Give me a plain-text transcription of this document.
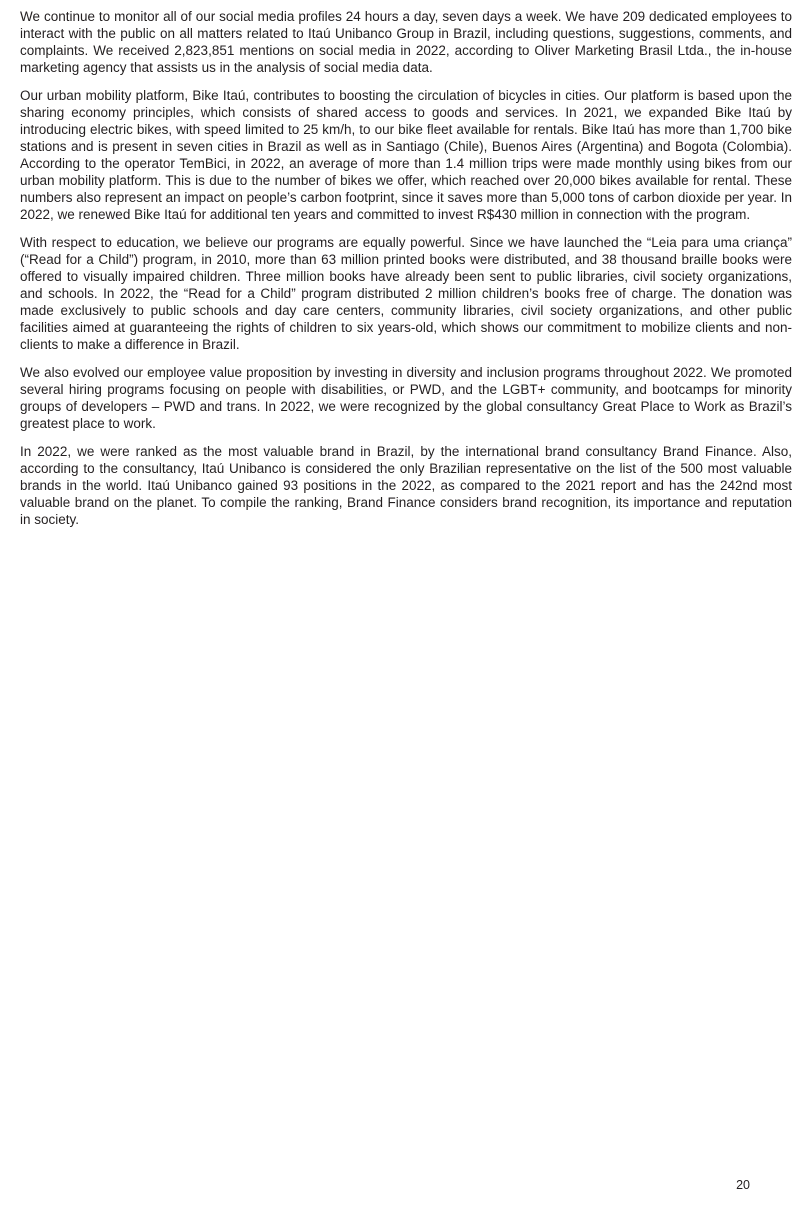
We continue to monitor all of our social media profiles 24 hours a day, seven days a week. We have 209 dedicated employees to interact with the public on all matters related to Itaú Unibanco Group in Brazil, including questions, suggestions, comments, and complaints. We received 2,823,851 mentions on social media in 2022, according to Oliver Marketing Brasil Ltda., the in-house marketing agency that assists us in the analysis of social media data.

Our urban mobility platform, Bike Itaú, contributes to boosting the circulation of bicycles in cities. Our platform is based upon the sharing economy principles, which consists of shared access to goods and services. In 2021, we expanded Bike Itaú by introducing electric bikes, with speed limited to 25 km/h, to our bike fleet available for rentals. Bike Itaú has more than 1,700 bike stations and is present in seven cities in Brazil as well as in Santiago (Chile), Buenos Aires (Argentina) and Bogota (Colombia). According to the operator TemBici, in 2022, an average of more than 1.4 million trips were made monthly using bikes from our urban mobility platform. This is due to the number of bikes we offer, which reached over 20,000 bikes available for rental. These numbers also represent an impact on people’s carbon footprint, since it saves more than 5,000 tons of carbon dioxide per year. In 2022, we renewed Bike Itaú for additional ten years and committed to invest R$430 million in connection with the program.

With respect to education, we believe our programs are equally powerful. Since we have launched the “Leia para uma criança” (“Read for a Child”) program, in 2010, more than 63 million printed books were distributed, and 38 thousand braille books were offered to visually impaired children. Three million books have already been sent to public libraries, civil society organizations, and schools. In 2022, the “Read for a Child” program distributed 2 million children’s books free of charge. The donation was made exclusively to public schools and day care centers, community libraries, civil society organizations, and other public facilities aimed at guaranteeing the rights of children to six years-old, which shows our commitment to mobilize clients and non-clients to make a difference in Brazil.

We also evolved our employee value proposition by investing in diversity and inclusion programs throughout 2022. We promoted several hiring programs focusing on people with disabilities, or PWD, and the LGBT+ community, and bootcamps for minority groups of developers – PWD and trans. In 2022, we were recognized by the global consultancy Great Place to Work as Brazil’s greatest place to work.

In 2022, we were ranked as the most valuable brand in Brazil, by the international brand consultancy Brand Finance. Also, according to the consultancy, Itaú Unibanco is considered the only Brazilian representative on the list of the 500 most valuable brands in the world. Itaú Unibanco gained 93 positions in the 2022, as compared to the 2021 report and has the 242nd most valuable brand on the planet. To compile the ranking, Brand Finance considers brand recognition, its importance and reputation in society.

20
